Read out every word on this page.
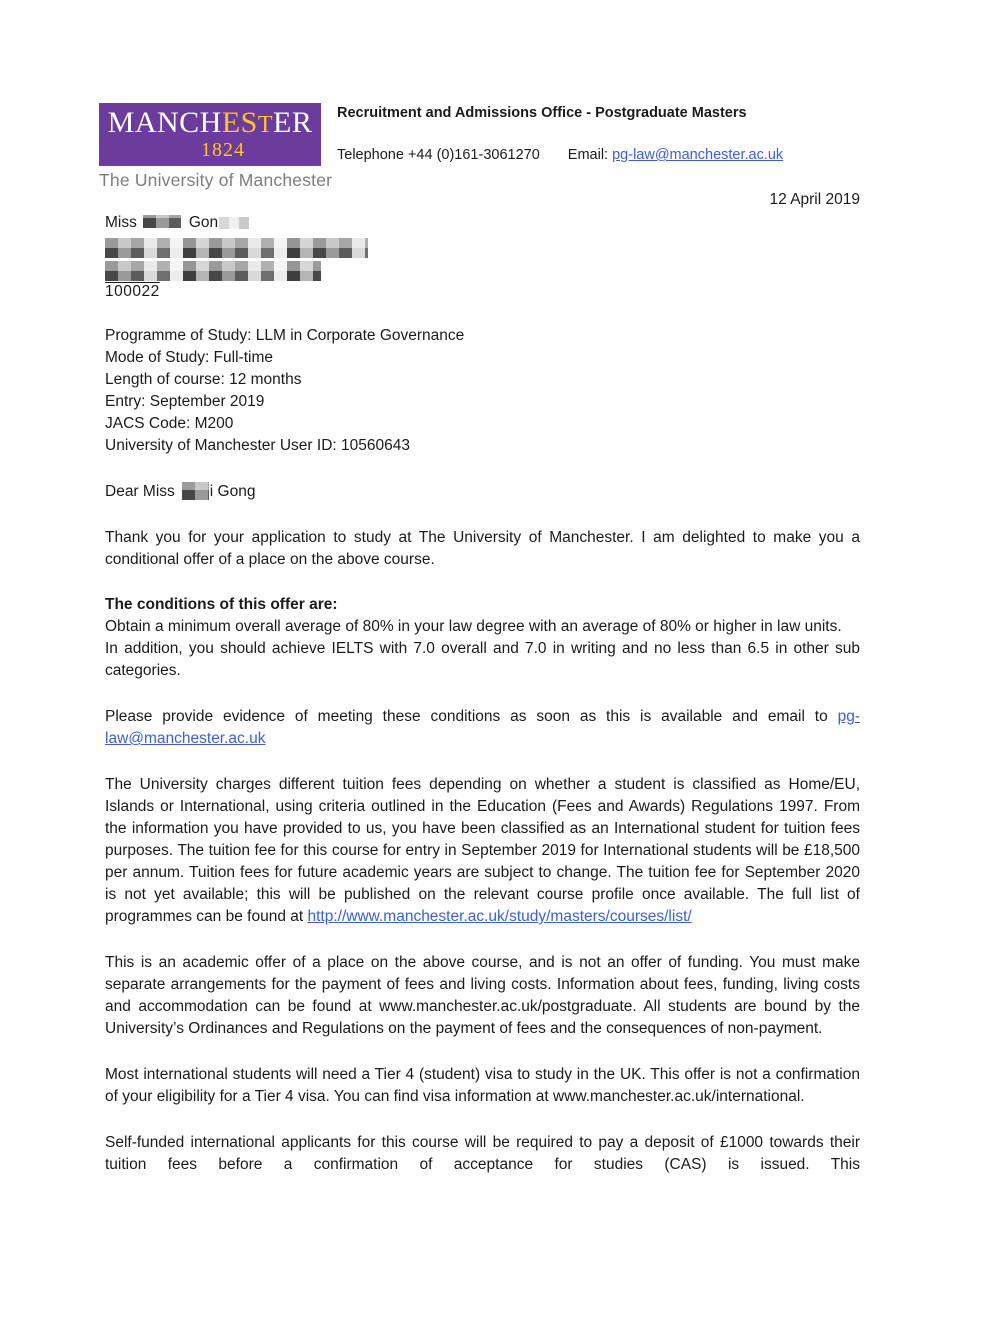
MANCHESTER
1824
The University of Manchester
Recruitment and Admissions Office - Postgraduate Masters
Telephone +44 (0)161-3061270 Email: pg-law@manchester.ac.uk
12 April 2019
Miss	Gon
100022
Programme of Study: LLM in Corporate Governance
Mode of Study: Full-time
Length of course: 12 months
Entry: September 2019
JACS Code: M200
University of Manchester User ID: 10560643
Dear Miss i Gong

Thank you for your application to study at The University of Manchester. I am delighted to make you a conditional offer of a place on the above course.

The conditions of this offer are:

Obtain a minimum overall average of 80% in your law degree with an average of 80% or higher in law units.

In addition, you should achieve IELTS with 7.0 overall and 7.0 in writing and no less than 6.5 in other sub categories.

Please provide evidence of meeting these conditions as soon as this is available and email to pg-law@manchester.ac.uk

The University charges different tuition fees depending on whether a student is classified as Home/EU, Islands or International, using criteria outlined in the Education (Fees and Awards) Regulations 1997. From the information you have provided to us, you have been classified as an International student for tuition fees purposes. The tuition fee for this course for entry in September 2019 for International students will be £18,500 per annum. Tuition fees for future academic years are subject to change. The tuition fee for September 2020 is not yet available; this will be published on the relevant course profile once available. The full list of programmes can be found at http://www.manchester.ac.uk/study/masters/courses/list/

This is an academic offer of a place on the above course, and is not an offer of funding. You must make separate arrangements for the payment of fees and living costs. Information about fees, funding, living costs and accommodation can be found at www.manchester.ac.uk/postgraduate. All students are bound by the University’s Ordinances and Regulations on the payment of fees and the consequences of non-payment.

Most international students will need a Tier 4 (student) visa to study in the UK. This offer is not a confirmation of your eligibility for a Tier 4 visa. You can find visa information at www.manchester.ac.uk/international.

Self-funded international applicants for this course will be required to pay a deposit of £1000 towards their tuition fees before a confirmation of acceptance for studies (CAS) is issued. This
